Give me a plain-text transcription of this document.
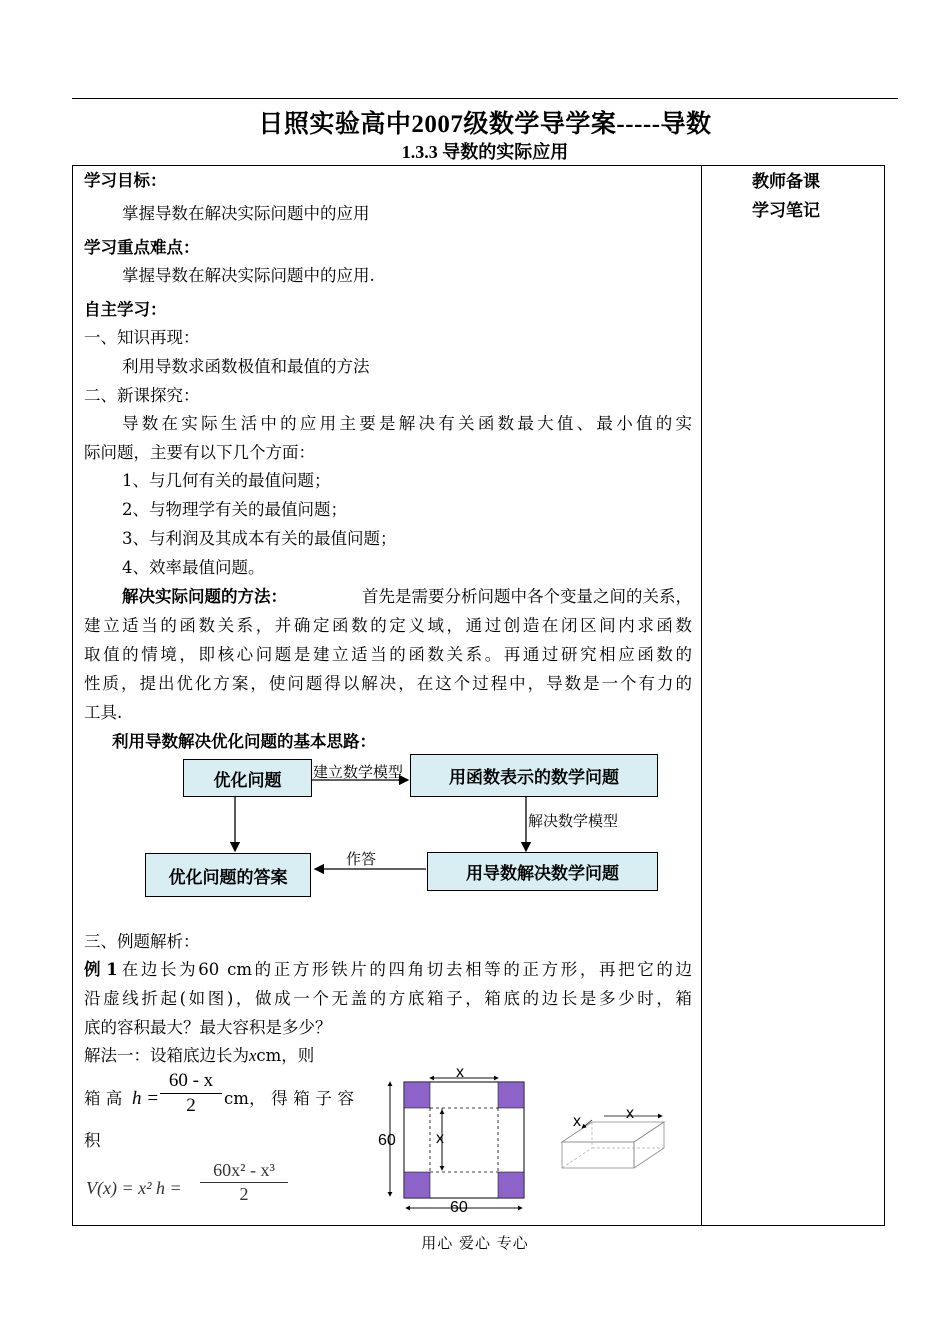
日照实验高中2007级数学导学案-----导数
1.3.3 导数的实际应用
教师备课
学习笔记
学习目标：
掌握导数在解决实际问题中的应用
学习重点难点：
掌握导数在解决实际问题中的应用.
自主学习：
一、知识再现：
利用导数求函数极值和最值的方法
二、新课探究：
导数在实际生活中的应用主要是解决有关函数最大值、最小值的实
际问题，主要有以下几个方面：
1、与几何有关的最值问题；
2、与物理学有关的最值问题；
3、与利润及其成本有关的最值问题；
4、效率最值问题。
解决实际问题的方法：	首先是需要分析问题中各个变量之间的关系，
建立适当的函数关系，并确定函数的定义域，通过创造在闭区间内求函数
取值的情境，即核心问题是建立适当的函数关系。再通过研究相应函数的
性质，提出优化方案，使问题得以解决，在这个过程中，导数是一个有力的
工具.
利用导数解决优化问题的基本思路：
优化问题	用函数表示的数学问题
用导数解决数学问题
优化问题的答案
建立数学模型
解决数学模型
作答
三、例题解析：
例 1 在边长为60 cm的正方形铁片的四角切去相等的正方形，再把它的边
沿虚线折起(如图)，做成一个无盖的方底箱子，箱底的边长是多少时，箱
底的容积最大？最大容积是多少？
解法一：设箱底边长为xcm，则
箱 高 h =
60 - x
2	cm， 得 箱 子 容
积
V(x) = x² h =
60x² - x³
2
x
x
60
60
x	x
用心 爱心 专心
